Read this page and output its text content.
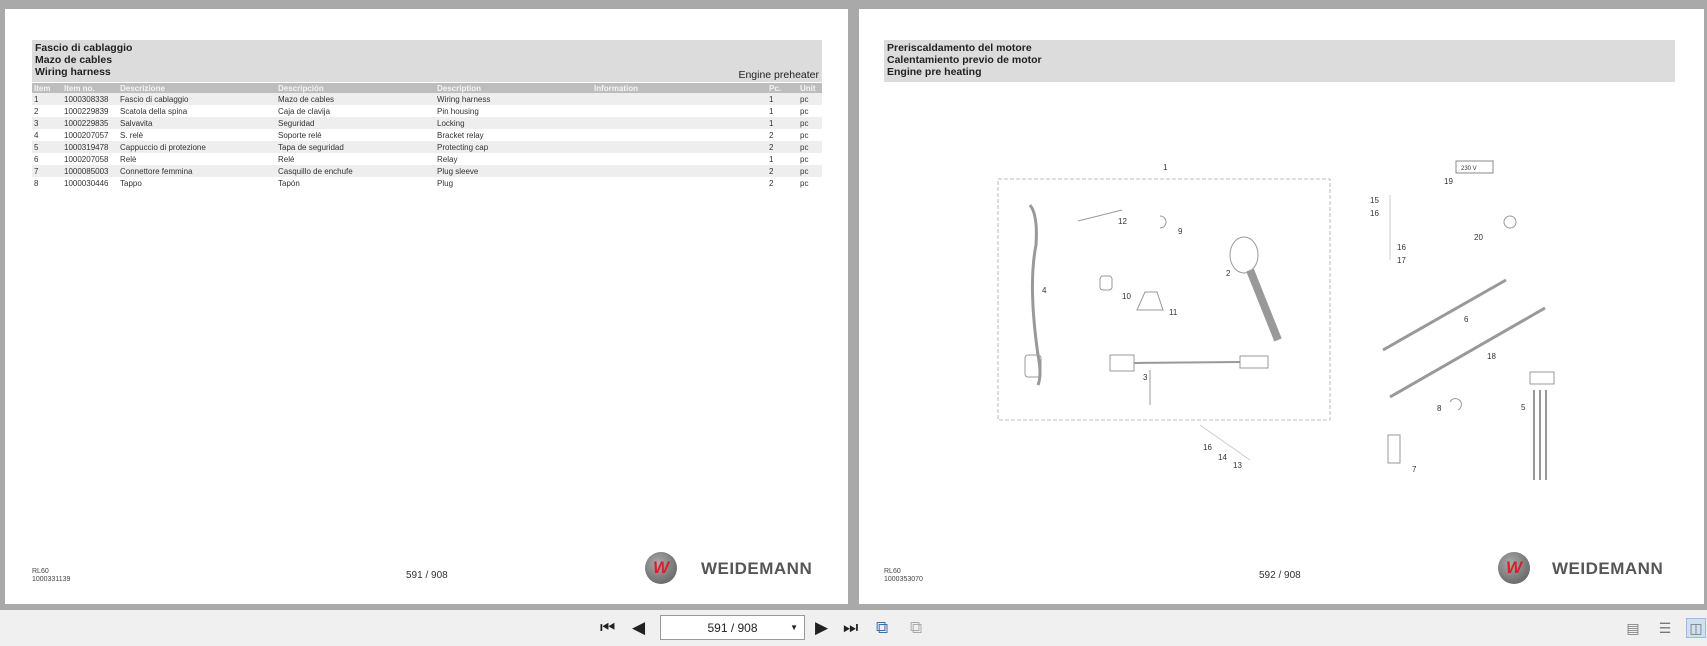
Fascio di cablaggio
Mazo de cables
Wiring harness	Engine preheater
Item	Item no.	Descrizione	Descripción	Description	Information	Pc.	Unit
1	1000308338	Fascio di cablaggio	Mazo de cables	Wiring harness		1	pc
2	1000229839	Scatola della spina	Caja de clavija	Pin housing		1	pc
3	1000229835	Salvavita	Seguridad	Locking		1	pc
4	1000207057	S. relè	Soporte relé	Bracket relay		2	pc
5	1000319478	Cappuccio di protezione	Tapa de seguridad	Protecting cap		2	pc
6	1000207058	Relè	Relé	Relay		1	pc
7	1000085003	Connettore femmina	Casquillo de enchufe	Plug sleeve		2	pc
8	1000030446	Tappo	Tapón	Plug		2	pc
RL60
1000331139	591 / 908	W WEIDEMANN
Preriscaldamento del motore
Calentamiento previo de motor
Engine pre heating
RL60
1000353070	592 / 908	W WEIDEMANN
230 V
1
12
9
2
4
10
11
3
16
14
13
19
15
16
16
17
20
6
18
8	5
7
⏮ ◀	591 / 908	▼ ▶ ⏭ ⧉ ⧉	▤ ☰ ◫
